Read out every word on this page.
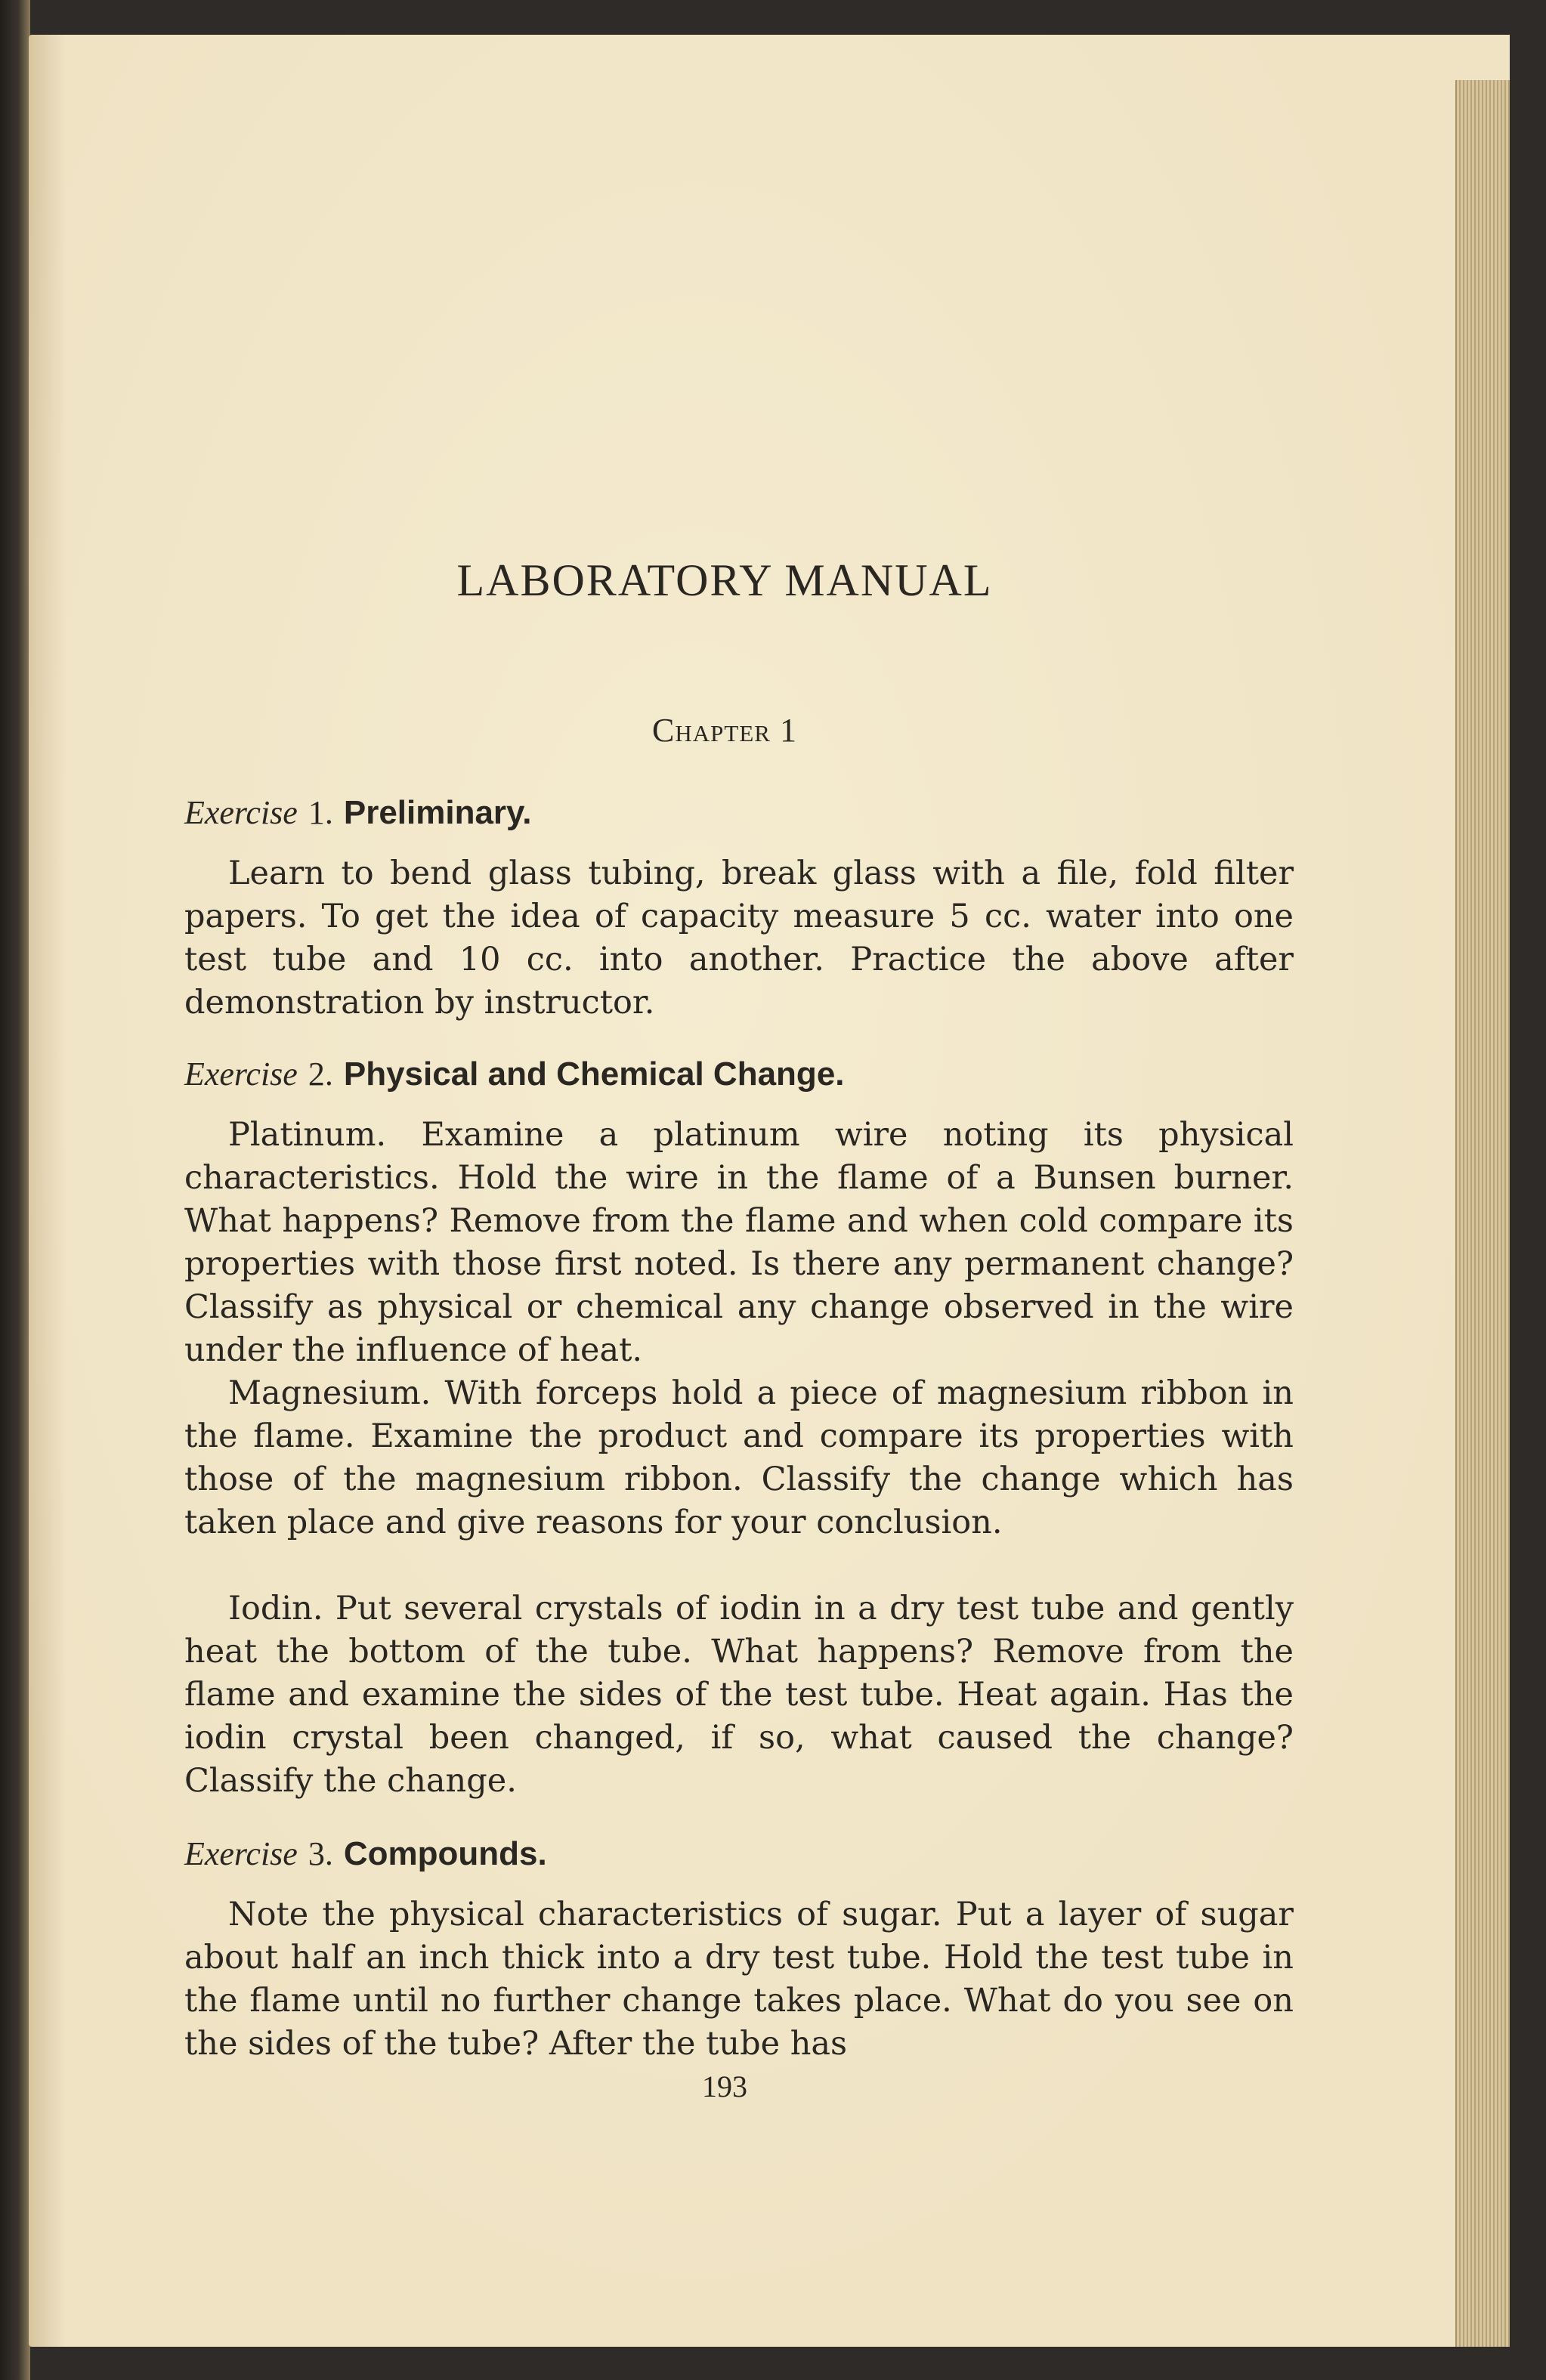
LABORATORY MANUAL
Chapter 1
Exercise 1. Preliminary.

Learn to bend glass tubing, break glass with a file, fold filter papers. To get the idea of capacity measure 5 cc. water into one test tube and 10 cc. into another. Practice the above after demonstration by instructor.

Exercise 2. Physical and Chemical Change.

Platinum. Examine a platinum wire noting its physical characteristics. Hold the wire in the flame of a Bunsen burner. What happens? Remove from the flame and when cold compare its properties with those first noted. Is there any permanent change? Classify as physical or chemical any change observed in the wire under the influence of heat.

Magnesium. With forceps hold a piece of magnesium ribbon in the flame. Examine the product and compare its properties with those of the magnesium ribbon. Classify the change which has taken place and give reasons for your conclusion.

Iodin. Put several crystals of iodin in a dry test tube and gently heat the bottom of the tube. What happens? Remove from the flame and examine the sides of the test tube. Heat again. Has the iodin crystal been changed, if so, what caused the change? Classify the change.

Exercise 3. Compounds.

Note the physical characteristics of sugar. Put a layer of sugar about half an inch thick into a dry test tube. Hold the test tube in the flame until no further change takes place. What do you see on the sides of the tube? After the tube has

193
